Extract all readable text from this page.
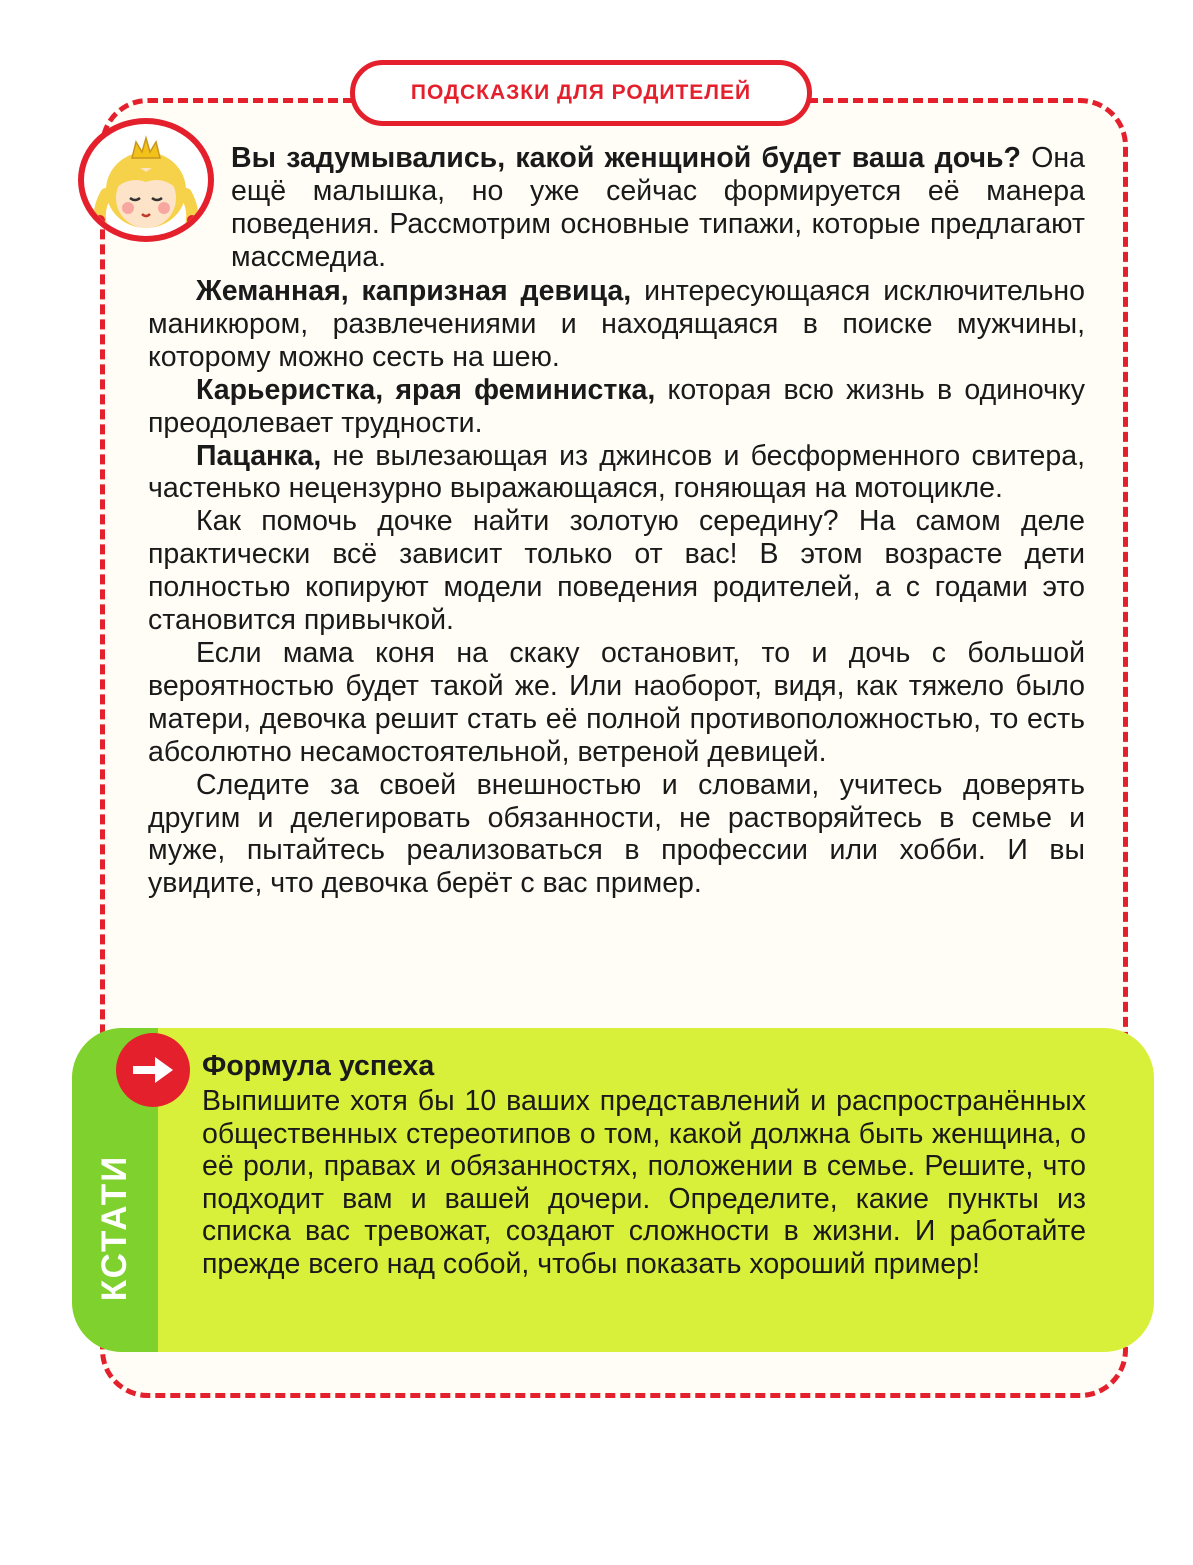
ПОДСКАЗКИ ДЛЯ РОДИТЕЛЕЙ

Вы задумывались, какой женщиной будет ваша дочь? Она ещё малышка, но уже сейчас формируется её манера поведения. Рассмотрим основные типажи, которые предлагают массмедиа.

Жеманная, капризная девица, интересующаяся исключительно маникюром, развлечениями и находящаяся в поиске мужчины, которому можно сесть на шею.

Карьеристка, ярая феминистка, которая всю жизнь в одиночку преодолевает трудности.

Пацанка, не вылезающая из джинсов и бесформенного свитера, частенько нецензурно выражающаяся, гоняющая на мотоцикле.

Как помочь дочке найти золотую середину? На самом деле практически всё зависит только от вас! В этом возрасте дети полностью копируют модели поведения родителей, а с годами это становится привычкой.

Если мама коня на скаку остановит, то и дочь с большой вероятностью будет такой же. Или наоборот, видя, как тяжело было матери, девочка решит стать её полной противоположностью, то есть абсолютно несамостоятельной, ветреной девицей.

Следите за своей внешностью и словами, учитесь доверять другим и делегировать обязанности, не растворяйтесь в семье и муже, пытайтесь реализоваться в профессии или хобби. И вы увидите, что девочка берёт с вас пример.

КСТАТИ
Формула успеха
Выпишите хотя бы 10 ваших представлений и распространённых общественных стереотипов о том, какой должна быть женщина, о её роли, правах и обязанностях, положении в семье. Решите, что подходит вам и вашей дочери. Определите, какие пункты из списка вас тревожат, создают сложности в жизни. И работайте прежде всего над собой, чтобы показать хороший пример!
